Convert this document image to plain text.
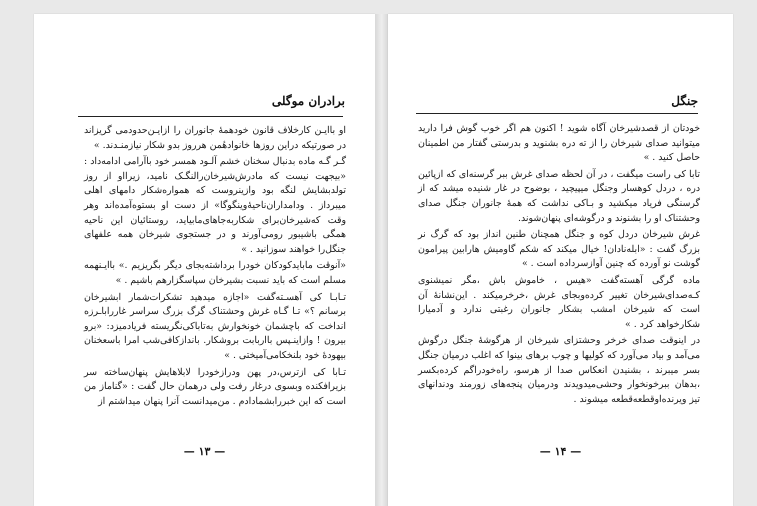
برادران موگلی

او باایـن کارخلاف قانون خودهمهٔ جانوران را ازایـن‌حدودمی گریزاند در صورتیکه دراین روزها خانوادهٔمن هرروز بدو شکار نیازمنـدند. »

گـر گـه ماده بدنبال سخنان خشم آلـود همسر خود باآرامی ادامه‌داد : «بیجهت نیست که مادرش‌شیرخان‌رالنگـک نامید، زیرااو از روز تولدبشا‌یش لنگه بود وازینروست که همواره‌شکار دامهای اهلی میبرد‌از . ودامداران‌ناحیه‌ٔوینگوگا» از دست او بستوه‌آمده‌اند وهر وقت که‌شیرخان‌برای شکاربه‌جاهای‌ما‌بیاید، روستائیان این ناحیه همگی باشیبور رومی‌آورند و در جستجوی شیرخان همه علفهای جنگل‌را خواهند سوزانید . »

«آنوقت مابایدکودکان خودرا برداشته‌بجای دیگر بگریزیم .» باایـنهمه مسلم است که باید نسبت بشیرخان سپاسگزارهم باشیم . »

تـابـا کی آهسـته‌گفت «اجازه میدهید تشکرات‌شمار ابشیرخان برسانم ؟» تـا گـاه غرش وحشتناک گرگ بزرگ سراسر غارراباـرزه انداخت که باچشمان خونخوارش به‌تابا‌کی‌نگریسته فریادمیزد: «برو بیرون ! وازاینـپس بااربابت بروشکار. بانداز‌کافی‌شب امرا باسعخنان بیهودهٔ خود بلنخکامی‌آمیختی . »

تـابا کی ازترس،در پهن ودرازخودرا لابلاهایش پنهان‌ساخته سر بزیرافکنده وبسوی درغار رفت ولی درهمان حال گفت : «گناماز من است که این خبررابشمادادم . من‌میدانست آنرا پنهان میداشتم از

— ۱۳ —
جنگل

خودتان از قصدشیرخان آگاه شوید ! اکنون هم اگر خوب گوش فرا دارید میتوانید صدای شیرخان را از ته دره بشنوید و بدرستی گفتار من اطمینان حاصل کنید . »

تابا کی راست میگفت ، در آن لحظه صدای غرش ببر گرسنه‌ای که ازپائین دره ، دردل کوهسار وجنگل میپیچید ، بوضوح در غار شنیده میشد که از گرسنگی فریاد میکشید و بـاکی نداشت که همهٔ جانوران جنگل صدای وحشتناک او را بشنوند و درگوشه‌ای پنهان‌شوند.

غرش شیرخان دردل کوه و جنگل همچنان طنین انداز بود که گرگ نر بزرگ گفت : «ابله‌نادان! خیال میکند که شکم گاومیش هارابین پیرامون گوشت نو آورده که چنین آوازسرداده است . »

ماده گرگی آهسته‌گفت «هیس ، خاموش باش ،مگر نمیشنوی کـه‌صدای‌شیرخان تغییر کرده‌وبجای غرش ،خرخرمیکند . این‌نشانهٔ آن است که شیرخان امشب بشکار جانوران رغبتی ندارد و آدمیارا شکارخواهد کرد . »

در اینوقت صدای خرخر وحشتزای شیرخان از هرگوشهٔ جنگل درگوش می‌آمد و بیاد می‌آورد که کولیها و چوب برهای بینوا که اغلب درمیان جنگل بسر میبرند ، بشنیدن انعکاس صدا از هرسو، راه‌خودرا‌گم کرده‌بکسر ،بدهان ببرخونخوار وحشی‌میدویدند ودرمیان پنجه‌های زورمند ودندانهای تیز ویرنده‌‌اوقطعه‌قطعه میشوند .

— ۱۴ —
